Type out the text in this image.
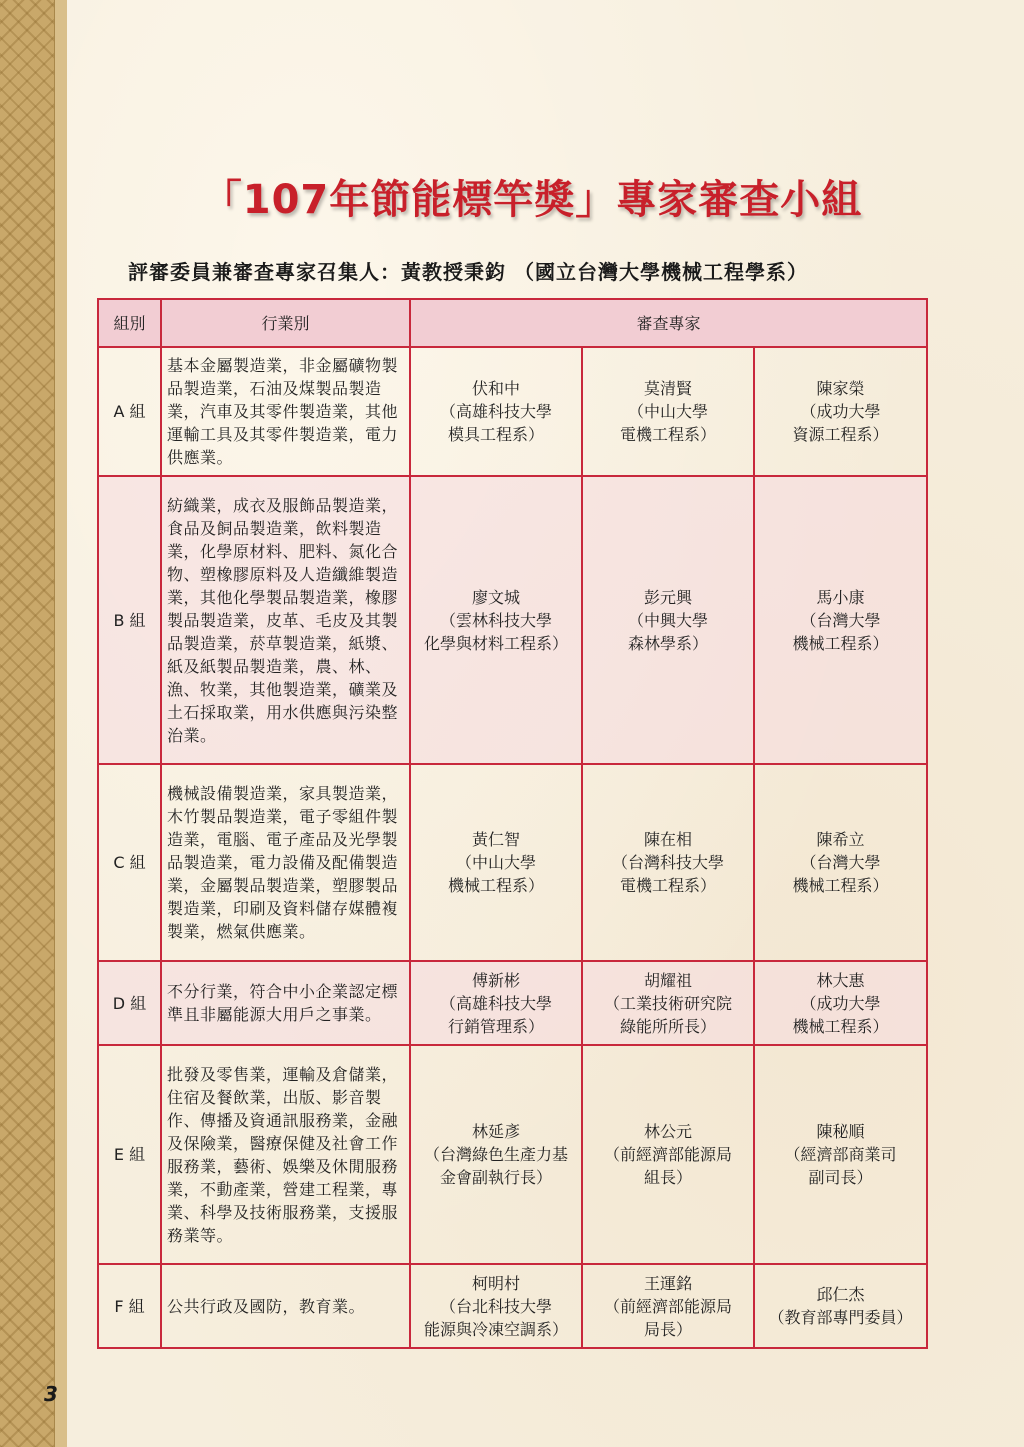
「107年節能標竿獎」專家審查小組
評審委員兼審查專家召集人：黃教授秉鈞 （國立台灣大學機械工程學系）
組別	行業別	審查專家		
A 組	基本金屬製造業，非金屬礦物製品製造業，石油及煤製品製造業，汽車及其零件製造業，其他運輸工具及其零件製造業，電力供應業。	伏和中
（高雄科技大學
模具工程系）	莫清賢
（中山大學
電機工程系）	陳家榮
（成功大學
資源工程系）

B 組	紡織業，成衣及服飾品製造業，食品及飼品製造業，飲料製造業，化學原材料、肥料、氮化合物、塑橡膠原料及人造纖維製造業，其他化學製品製造業，橡膠製品製造業，皮革、毛皮及其製品製造業，菸草製造業，紙漿、紙及紙製品製造業，農、林、漁、牧業，其他製造業，礦業及土石採取業，用水供應與污染整治業。	廖文城
（雲林科技大學
化學與材料工程系）	彭元興
（中興大學
森林學系）	馬小康
（台灣大學
機械工程系）

C 組	機械設備製造業，家具製造業，木竹製品製造業，電子零組件製造業，電腦、電子產品及光學製品製造業，電力設備及配備製造業，金屬製品製造業，塑膠製品製造業，印刷及資料儲存媒體複製業，燃氣供應業。	黃仁智
（中山大學
機械工程系）	陳在相
（台灣科技大學
電機工程系）	陳希立
（台灣大學
機械工程系）

D 組	不分行業，符合中小企業認定標準且非屬能源大用戶之事業。	傅新彬
（高雄科技大學
行銷管理系）	胡耀祖
（工業技術研究院
綠能所所長）	林大惠
（成功大學
機械工程系）

E 組	批發及零售業，運輸及倉儲業，住宿及餐飲業，出版、影音製作、傳播及資通訊服務業，金融及保險業，醫療保健及社會工作服務業，藝術、娛樂及休閒服務業，不動產業，營建工程業，專業、科學及技術服務業，支援服務業等。	林延彥
（台灣綠色生產力基
金會副執行長）	林公元
（前經濟部能源局
組長）	陳秘順
（經濟部商業司
副司長）

F 組	公共行政及國防，教育業。	柯明村
（台北科技大學
能源與冷凍空調系）	王運銘
（前經濟部能源局
局長）	邱仁杰
（教育部專門委員）
3
